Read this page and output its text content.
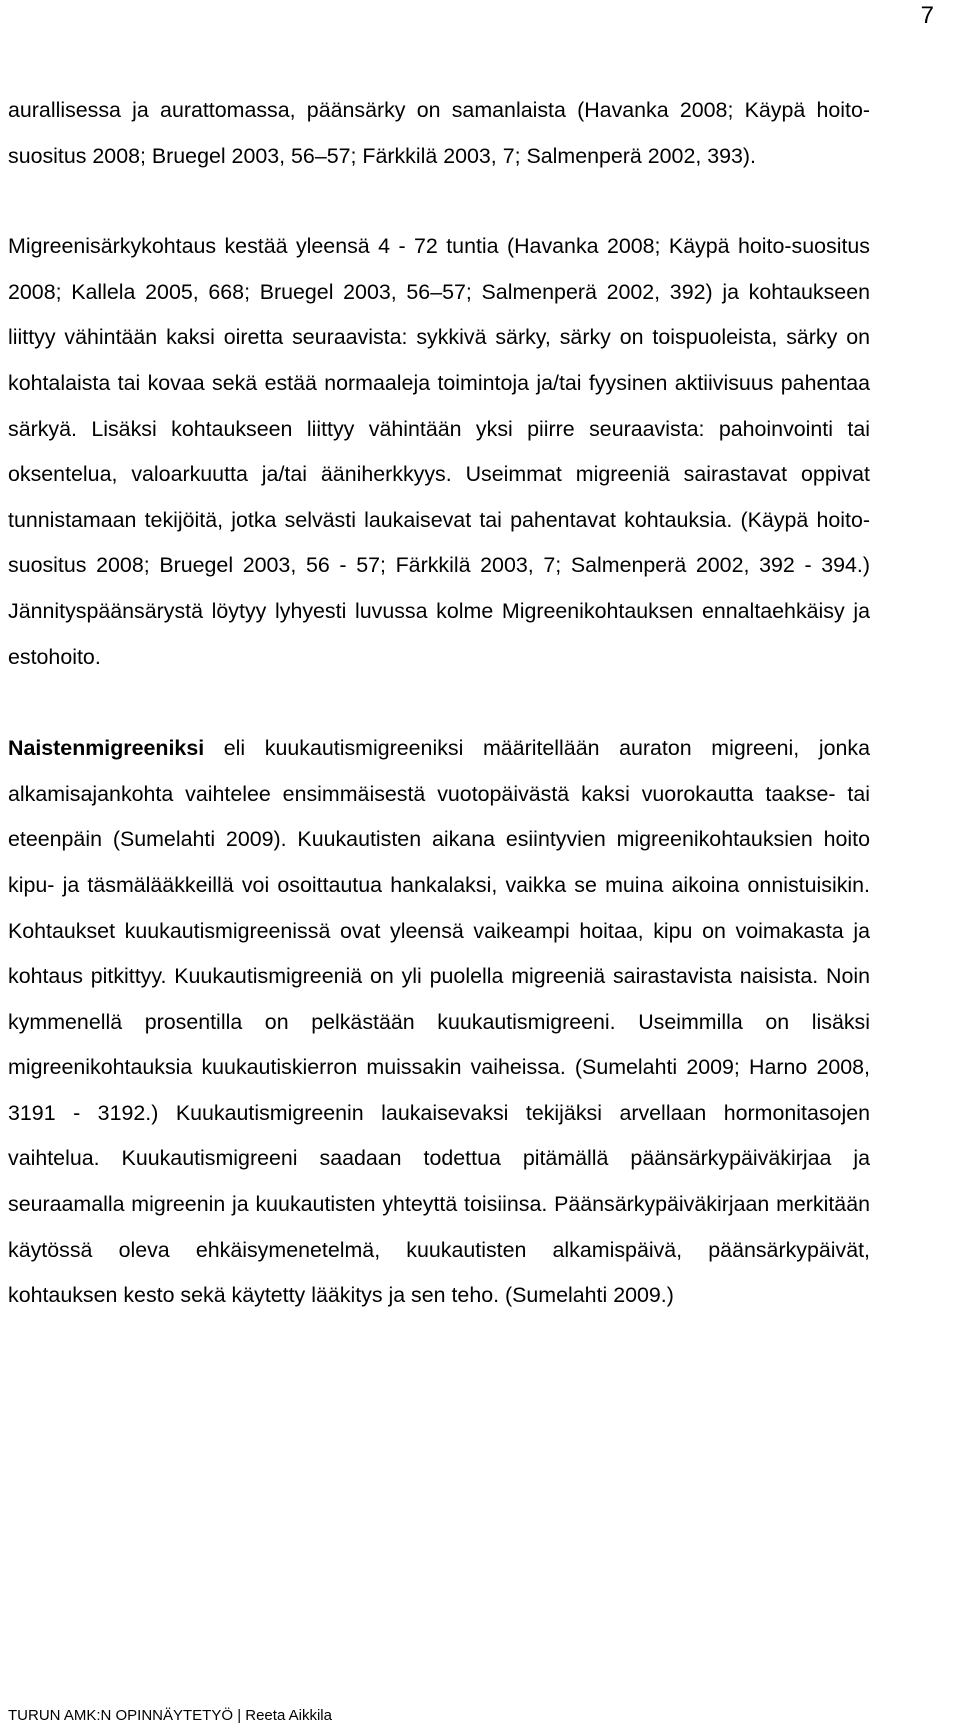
7

aurallisessa ja aurattomassa, päänsärky on samanlaista (Havanka 2008; Käypä hoito-suositus 2008; Bruegel 2003, 56–57; Färkkilä 2003, 7; Salmenperä 2002, 393).

Migreenisärkykohtaus kestää yleensä 4 - 72 tuntia (Havanka 2008; Käypä hoito-suositus 2008; Kallela 2005, 668; Bruegel 2003, 56–57; Salmenperä 2002, 392) ja kohtaukseen liittyy vähintään kaksi oiretta seuraavista: sykkivä särky, särky on toispuoleista, särky on kohtalaista tai kovaa sekä estää normaaleja toimintoja ja/tai fyysinen aktiivisuus pahentaa särkyä. Lisäksi kohtaukseen liittyy vähintään yksi piirre seuraavista: pahoinvointi tai oksentelua, valoarkuutta ja/tai ääniherkkyys. Useimmat migreeniä sairastavat oppivat tunnistamaan tekijöitä, jotka selvästi laukaisevat tai pahentavat kohtauksia. (Käypä hoito-suositus 2008; Bruegel 2003, 56 - 57; Färkkilä 2003, 7; Salmenperä 2002, 392 - 394.) Jännityspäänsärystä löytyy lyhyesti luvussa kolme Migreenikohtauksen ennaltaehkäisy ja estohoito.

Naistenmigreeniksi eli kuukautismigreeniksi määritellään auraton migreeni, jonka alkamisajankohta vaihtelee ensimmäisestä vuotopäivästä kaksi vuorokautta taakse- tai eteenpäin (Sumelahti 2009). Kuukautisten aikana esiintyvien migreenikohtauksien hoito kipu- ja täsmälääkkeillä voi osoittautua hankalaksi, vaikka se muina aikoina onnistuisikin. Kohtaukset kuukautismigreenissä ovat yleensä vaikeampi hoitaa, kipu on voimakasta ja kohtaus pitkittyy. Kuukautismigreeniä on yli puolella migreeniä sairastavista naisista. Noin kymmenellä prosentilla on pelkästään kuukautismigreeni. Useimmilla on lisäksi migreenikohtauksia kuukautiskierron muissakin vaiheissa. (Sumelahti 2009; Harno 2008, 3191 - 3192.) Kuukautismigreenin laukaisevaksi tekijäksi arvellaan hormonitasojen vaihtelua. Kuukautismigreeni saadaan todettua pitämällä päänsärkypäiväkirjaa ja seuraamalla migreenin ja kuukautisten yhteyttä toisiinsa. Päänsärkypäiväkirjaan merkitään käytössä oleva ehkäisymenetelmä, kuukautisten alkamispäivä, päänsärkypäivät, kohtauksen kesto sekä käytetty lääkitys ja sen teho. (Sumelahti 2009.)

TURUN AMK:N OPINNÄYTETYÖ | Reeta Aikkila
